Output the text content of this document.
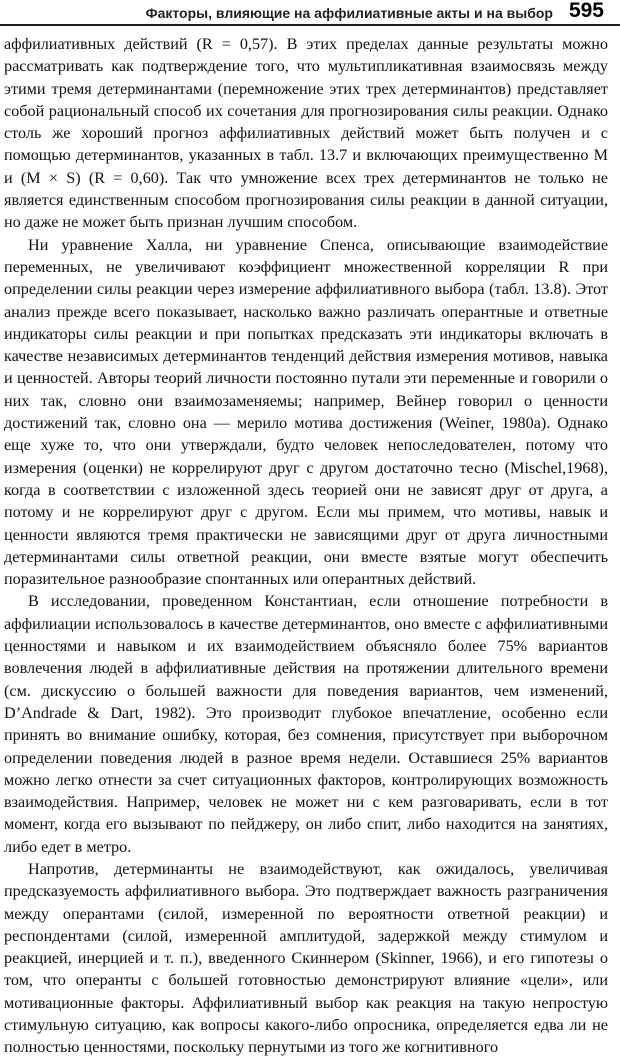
Факторы, влияющие на аффилиативные акты и на выбор 595

аффилиативных действий (R = 0,57). В этих пределах данные результаты можно рассматривать как подтверждение того, что мультипликативная взаимосвязь между этими тремя детерминантами (перемножение этих трех детерминантов) представляет собой рациональный способ их сочетания для прогнозирования силы реакции. Однако столь же хороший прогноз аффилиативных действий может быть получен и с помощью детерминантов, указанных в табл. 13.7 и включающих преимущественно M и (M × S) (R = 0,60). Так что умножение всех трех детерминантов не только не является единственным способом прогнозирования силы реакции в данной ситуации, но даже не может быть признан лучшим способом.

Ни уравнение Халла, ни уравнение Спенса, описывающие взаимодействие переменных, не увеличивают коэффициент множественной корреляции R при определении силы реакции через измерение аффилиативного выбора (табл. 13.8). Этот анализ прежде всего показывает, насколько важно различать оперантные и ответные индикаторы силы реакции и при попытках предсказать эти индикаторы включать в качестве независимых детерминантов тенденций действия измерения мотивов, навыка и ценностей. Авторы теорий личности постоянно путали эти переменные и говорили о них так, словно они взаимозаменяемы; например, Вейнер говорил о ценности достижений так, словно она — мерило мотива достижения (Weiner, 1980a). Однако еще хуже то, что они утверждали, будто человек непоследователен, потому что измерения (оценки) не коррелируют друг с другом достаточно тесно (Mischel,1968), когда в соответствии с изложенной здесь теорией они не зависят друг от друга, а потому и не коррелируют друг с другом. Если мы примем, что мотивы, навык и ценности являются тремя практически не зависящими друг от друга личностными детерминантами силы ответной реакции, они вместе взятые могут обеспечить поразительное разнообразие спонтанных или оперантных действий.

В исследовании, проведенном Константиан, если отношение потребности в аффилиации использовалось в качестве детерминантов, оно вместе с аффилиативными ценностями и навыком и их взаимодействием объясняло более 75% вариантов вовлечения людей в аффилиативные действия на протяжении длительного времени (см. дискуссию о большей важности для поведения вариантов, чем изменений, D’Andrade & Dart, 1982). Это производит глубокое впечатление, особенно если принять во внимание ошибку, которая, без сомнения, присутствует при выборочном определении поведения людей в разное время недели. Оставшиеся 25% вариантов можно легко отнести за счет ситуационных факторов, контролирующих возможность взаимодействия. Например, человек не может ни с кем разговаривать, если в тот момент, когда его вызывают по пейджеру, он либо спит, либо находится на занятиях, либо едет в метро.

Напротив, детерминанты не взаимодействуют, как ожидалось, увеличивая предсказуемость аффилиативного выбора. Это подтверждает важность разграничения между оперантами (силой, измеренной по вероятности ответной реакции) и респондентами (силой, измеренной амплитудой, задержкой между стимулом и реакцией, инерцией и т. п.), введенного Скиннером (Skinner, 1966), и его гипотезы о том, что операнты с большей готовностью демонстрируют влияние «цели», или мотивационные факторы. Аффилиативный выбор как реакция на такую непростую стимульную ситуацию, как вопросы какого-либо опросника, определяется едва ли не полностью ценностями, поскольку пернутыми из того же когнитивного
